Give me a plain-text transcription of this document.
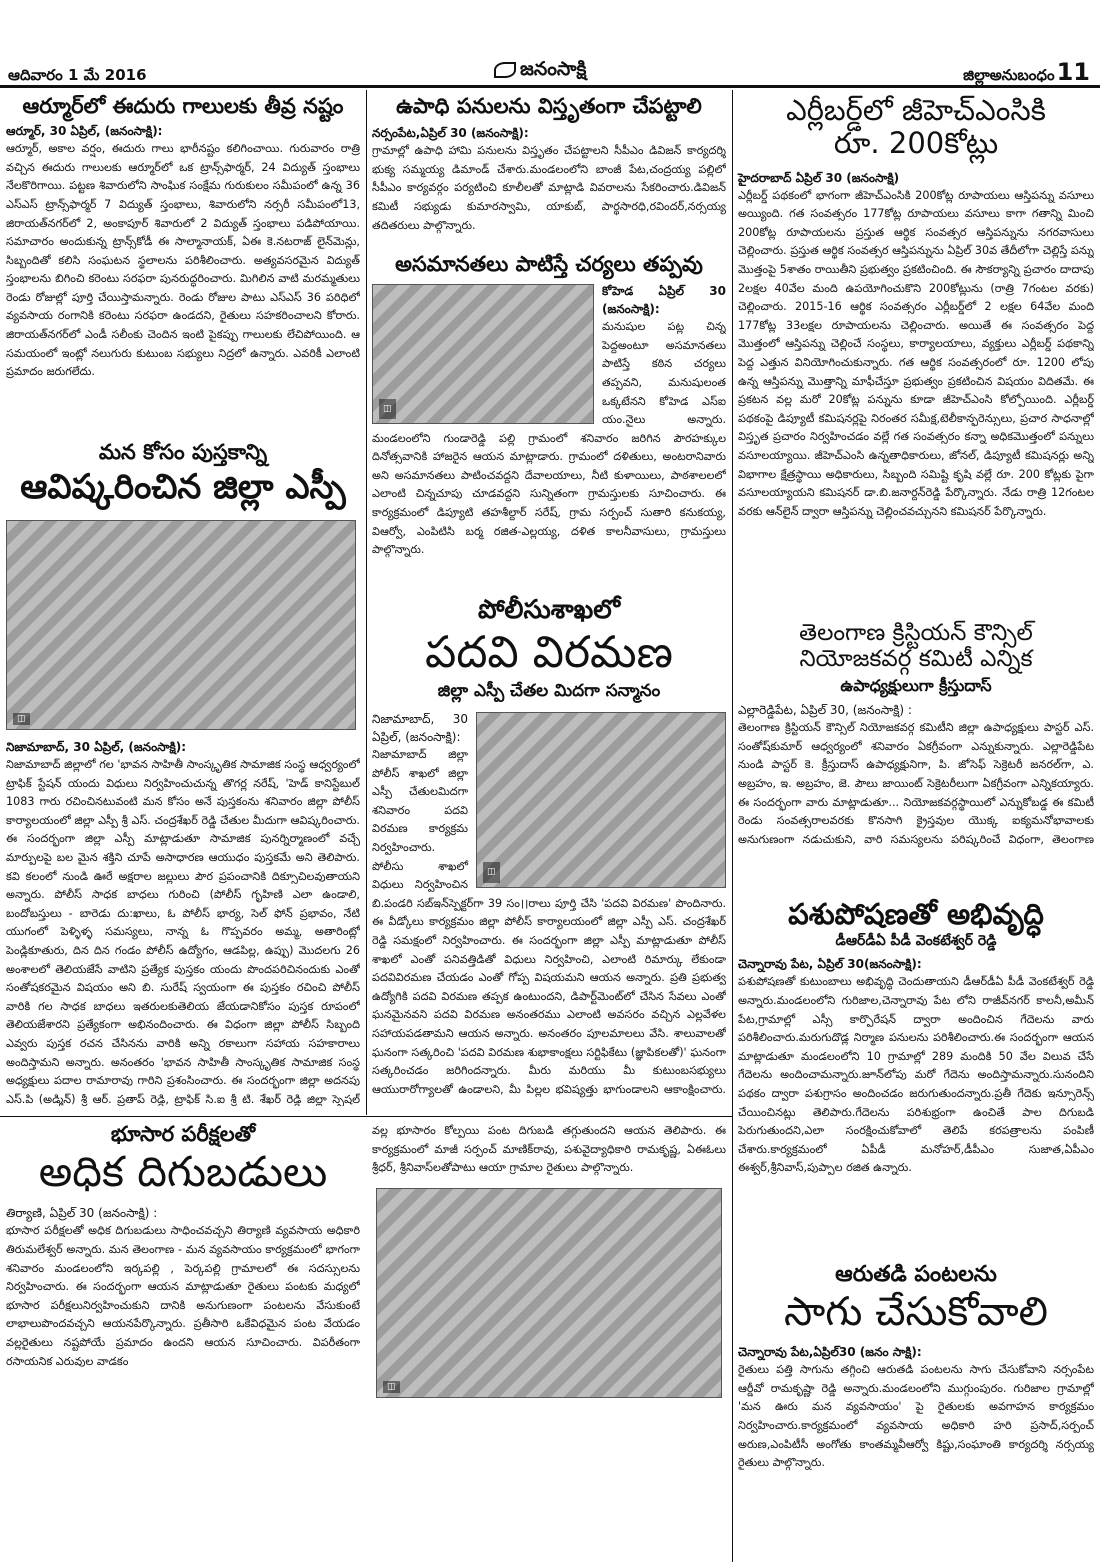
ఆదివారం 1 మే 2016	జనంసాక్షి	జిల్లాఅనుబంధం11
ఆర్మూర్‌లో ఈదురు గాలులకు తీవ్ర నష్టం
ఆర్మూర్, 30 ఏప్రిల్, (జనంసాక్షి):
ఆర్మూర్, అకాల వర్షం, ఈదురు గాలు భారీనష్టం కలిగించాయి. గురువారం రాత్రి వచ్చిన ఈదురు గాలులకు ఆర్మూర్‌లో ఒక ట్రాన్స్‌ఫార్మర్, 24 విద్యుత్ స్తంభాలు నేలకొరిగాయి. పట్టణ శివారులోని సాంఘిక సంక్షేమ గురుకులం సమీపంలో ఉన్న 36 ఎస్ఎస్ ట్రాన్స్‌ఫార్మర్ 7 విద్యుత్ స్తంభాలు, శివారులోని నర్సరీ సమీపంలో13, జిరాయత్‌నగర్‌లో 2, అంకాపూర్ శివారులో 2 విద్యుత్ స్తంభాలు పడిపోయాయి. సమాచారం అందుకున్న ట్రాన్స్‌కోడీ ఈ సాల్మానాయక్, ఏఈ కె.నటరాజ్ లైన్‌మెన్లు, సిబ్బందితో కలిసి సంఘటన స్థలాలను పరిశీలించారు. అత్యవసరమైన విద్యుత్ స్తంభాలను బిగించి కరెంటు సరఫరా పునరుద్ధరించారు. మిగిలిన వాటి మరమ్మతులు రెండు రోజుల్లో పూర్తి చేయిస్తామన్నారు. రెండు రోజుల పాటు ఎస్ఎస్ 36 పరిధిలో వ్యవసాయ రంగానికి కరెంటు సరఫరా ఉండదని, రైతులు సహకరించాలని కోరారు. జిరాయత్‌నగర్‌లో ఎండీ సలీంకు చెందిన ఇంటి పైకప్పు గాలులకు లేచిపోయింది. ఆ సమయంలో ఇంట్లో నలుగురు కుటుంబ సభ్యులు నిద్రలో ఉన్నారు. ఎవరికీ ఎలాంటి ప్రమాదం జరుగలేదు.
మన కోసం పుస్తకాన్ని
ఆవిష్కరించిన జిల్లా ఎస్పీ
◫
నిజామాబాద్, 30 ఏప్రిల్, (జనంసాక్షి):
నిజామాబాద్ జిల్లాలో గల 'భావన సాహితీ సాంస్కృతిక సామాజిక సంస్థ ఆధ్వర్యంలో ట్రాఫిక్ స్టేషన్ యందు విధులు నిర్వహించుచున్న తొగర్ల నరేష్, 'హెడ్ కానిస్టేబుల్ 1083 గారు రచించినటువంటి మన కోసం అనే పుస్తకంను శనివారం జిల్లా పోలీస్ కార్యాలయంలో జిల్లా ఎస్పీ శ్రీ ఎస్. చంద్రశేఖర్ రెడ్డి చేతుల మీదుగా ఆవిష్కరించారు. ఈ సందర్భంగా జిల్లా ఎస్పీ మాట్లాడుతూ సామాజిక పునర్నిర్మాణంలో వచ్చే మార్పులపై బల మైన శక్తిని చూపే అసాధారణ ఆయుధం పుస్తకమే అని తెలిపారు. కవి కలంలో నుండి ఊరే అక్షరాల జల్లులు పౌర ప్రపంచానికి దిక్సూచిలవుతాయని అన్నారు. పోలీస్ సాధక బాధలు గురించి (పోలీస్ గృహిణి ఎలా ఉండాలి, బందోబస్తులు - బారెడు దు:ఖాలు, ఓ పోలీస్ భార్య, సెల్ ఫోన్ ప్రభావం, నేటి యుగంలో పెళ్ళిళ్ళ సమస్యలు, నాన్న ఓ గొప్పవరం అమ్మ, అతారింట్లో పెండ్లికూతురు, దిన దిన గండం పోలీస్ ఉద్యోగం, ఆడపిల్ల, ఉప్పు) మొదలగు 26 అంశాలలో తెలియజేసే వాటిని ప్రత్యేక పుస్తకం యందు పొందపరిచినందుకు ఎంతో సంతోషకరమైన విషయం అని బి. సురేష్ స్వయంగా ఈ పుస్తకం రచించి పోలీస్ వారికి గల సాధక బాధలు ఇతరులకుతెలియ జేయడానికోసం పుస్తక రూపంలో తెలియజేశారని ప్రత్యేకంగా అభినందించారు. ఈ విధంగా జిల్లా పోలీస్ సిబ్బంది ఎవ్వరు పుస్తక రచన చేసినను వారికి అన్ని రకాలుగా సహాయ సహకారాలు అందిస్తామని అన్నారు. అనంతరం 'భావన సాహితీ సాంస్కృతిక సామాజిక సంస్థ అధ్యక్షులు పదాల రామారావు గారిని ప్రశంసించారు. ఈ సందర్భంగా జిల్లా అదనపు ఎస్.పి (అడ్మిన్) శ్రీ ఆర్. ప్రతాప్ రెడ్డి, ట్రాఫిక్ సి.ఐ శ్రీ టి. శేఖర్ రెడ్డి జిల్లా స్పెషల్
ఉపాధి పనులను విస్తృతంగా చేపట్టాలి
నర్సంపేట,ఏప్రిల్ 30 (జనంసాక్షి):
గ్రామాల్లో ఉపాధి హామి పనులను విస్తృతం చేపట్టాలని సీపీఎం డివిజన్ కార్యదర్శి భుక్య సమ్మయ్య డిమాండ్ చేశారు.మండలంలోని బాంజీ పేట,చంద్రయ్య పల్లిలో సీపీఎం కార్యవర్గం పర్యటించి కూలీలతో మాట్లాడి వివరాలను సేకరించారు.డివిజన్ కమిటీ సభ్యుడు కుమారస్వామి, యాకుబ్, పార్థసారధి,రవిందర్,నర్సయ్య తదితరులు పాల్గొన్నారు.
అసమానతలు పాటిస్తే చర్యలు తప్పవు
◫
కోహెడ ఏప్రిల్ 30 (జనంసాక్షి):
మనుషుల పట్ల చిన్న పెద్దఅంటూ అసమానతలు పాటిస్తే కఠిన చర్యలు తప్పవని, మనుషులంత ఒక్కటేనని కోహెడ ఎస్ఐ యం.నైలు అన్నారు. మండలంలోని గుండారెడ్డి పల్లి గ్రామంలో శనివారం జరిగిన పౌరహక్కుల దినోత్సవానికి హాజరైన ఆయన మాట్లాడారు. గ్రామంలో దళితులు, అంటరానివారు అని అసమానతలు పాటించవద్దని దేవాలయాలు, నీటి కుళాయిలు, పాఠశాలలలో ఎలాంటి చిన్నచూపు చూడవద్దని సున్నితంగా గ్రామస్తులకు సూచించారు. ఈ కార్యక్రమంలో డిప్యూటి తహశీల్దార్ సరేష్, గ్రామ సర్పంచ్ సుతారి కనుకయ్య, విఆర్వో, ఎంపిటిసి బర్మ రజిత-ఎల్లయ్య, దళిత కాలనీవాసులు, గ్రామస్తులు పాల్గొన్నారు.
పోలీసుశాఖలో
పదవి విరమణ
జిల్లా ఎస్పీ చేతల మిదగా సన్మానం
◫
నిజామాబాద్, 30 ఏప్రిల్, (జనంసాక్షి):
నిజామాబాద్ జిల్లా పోలీస్ శాఖలో జిల్లా ఎస్పీ చేతులమిదగా శనివారం పదవి విరమణ కార్యక్రమ నిర్వహించారు. పోలీసు శాఖలో విధులు నిర్వహించిన బి.పండరి సబ్‌ఇన్‌స్పెక్టర్‌గా 39 సం।।రాలు పూర్తి చేసి 'పదవి విరమణ' పొందినారు. ఈ వీడ్కోలు కార్యక్రమం జిల్లా పోలీస్ కార్యాలయంలో జిల్లా ఎస్పీ ఎస్. చంద్రశేఖర్ రెడ్డి సమక్షంలో నిర్వహించారు. ఈ సందర్భంగా జిల్లా ఎస్పీ మాట్లాడుతూ పోలీస్ శాఖలో ఎంతో పనివత్తిడితో విధులు నిర్వహించి, ఎలాంటి రిమార్కు లేకుండా పదవివిరమణ చేయడం ఎంతో గోప్ప విషయమని ఆయన అన్నారు. ప్రతి ప్రభుత్వ ఉద్యోగికి పదవి విరమణ తప్పక ఉంటుందని, డిపార్ట్‌మెంట్‌లో చేసిన సేవలు ఎంతో ఘనమైనవని పదవి విరమణ అనంతరము ఎలాంటి అవసరం వచ్చిన ఎల్లవేళల సహాయపడతామని ఆయన అన్నారు. అనంతరం పూలమాలలు వేసి. శాలువాలతో ఘనంగా సత్కరించి 'పదవి విరమణ శుభాకాంక్షలు సర్టిఫికేటు (జ్ఞాపికలతో)' ఘనంగా సత్కరించడం జరిగిందన్నారు. మీరు మరియు మీ కుటుంబసభ్యులు ఆయురారోగ్యాలతో ఉండాలని, మీ పిల్లల భవిష్యత్తు భాగుండాలని ఆకాంక్షించారు.
భూసార పరీక్షలతో
అధిక దిగుబడులు
తిర్యాణి, ఏప్రిల్ 30 (జనంసాక్షి) :
భూసార పరీక్షలతో అధిక దిగుబడులు సాధించవచ్చని తిర్యాణి వ్యవసాయ అధికారి తిరుమలేశ్వర్ అన్నారు. మన తెలంగాణ - మన వ్యవసాయం కార్యక్రమంలో భాగంగా శనివారం మండలంలోని ఇర్కపల్లి , పెర్కపల్లి గ్రామాలలో ఈ సదస్సులను నిర్వహించారు. ఈ సందర్భంగా ఆయన మాట్లాడుతూ రైతులు పంటకు మధ్యలో భూసార పరీక్షలునిర్వహించుకుని దానికి అనుగుణంగా పంటలను వేసుకుంటే లాభాలుపొందవచ్చని ఆయనపేర్కొన్నారు. ప్రతీసారి ఒకేవిధమైన పంట వేయడం వల్లరైతులు నష్టపోయే ప్రమాదం ఉందని ఆయన సూచించారు. విపరీతంగా రసాయనిక ఎరువుల వాడకం
వల్ల భూసారం కోల్పయి పంట దిగుబడి తగ్గుతుందని ఆయన తెలిపారు. ఈ కార్యక్రమంలో మాజీ సర్పంచ్ మాణిక్‌రావు, పశువైద్యాధికారి రామకృష్ణ, ఏఈఓలు శ్రీధర్, శ్రీనివాస్‌లతోపాటు ఆయా గ్రామాల రైతులు పాల్గొన్నారు.
◫
ఎర్లీబర్డ్‌లో జీహెచ్‌ఎంసికి
రూ. 200కోట్లు
హైదరాబాద్ ఏప్రిల్ 30 (జనంసాక్షి)
ఎర్లీబర్డ్ పథకంలో భాగంగా జీహెచ్‌ఎంసికి 200కోట్ల రూపాయలు ఆస్తిపన్ను వసూలు అయ్యింది. గత సంవత్సరం 177కోట్ల రూపాయలు వసూలు కాగా గతాన్ని మించి 200కోట్ల రూపాయలను ప్రస్తుత ఆర్థిక సంవత్సర ఆస్తిపన్నును నగరవాసులు చెల్లించారు. ప్రస్తుత ఆర్థిక సంవత్సర ఆస్తిపన్నును ఏప్రిల్ 30వ తేదీలోగా చెల్లిస్తే పన్ను మొత్తంపై 5శాతం రాయితీని ప్రభుత్వం ప్రకటించింది. ఈ సౌకర్యాన్ని ప్రచారం దాదాపు 2లక్షల 40వేల మంది ఉపయోగించుకొని 200కోట్లును (రాత్రి 7గంటల వరకు) చెల్లించారు. 2015-16 ఆర్థిక సంవత్సరం ఎర్లీబర్డ్‌లో 2 లక్షల 64వేల మంది 177కోట్ల 33లక్షల రూపాయలను చెల్లించారు. అయితే ఈ సంవత్సరం పెద్ద మొత్తంలో ఆస్తిపన్ను చెల్లించే సంస్థలు, కార్యాలయాలు, వ్యక్తులు ఎర్లీబర్డ్ పథకాన్ని పెద్ద ఎత్తున వినియోగించుకున్నారు. గత ఆర్థిక సంవత్సరంలో రూ. 1200 లోపు ఉన్న ఆస్తిపన్ను మొత్తాన్ని మాఫీచేస్తూ ప్రభుత్వం ప్రకటించిన విషయం విదితమే. ఈ ప్రకటన వల్ల మరో 20కోట్ల పన్నును కూడా జీహెచ్‌ఎంసి కోల్పోయింది. ఎర్లీబర్డ్ పథకంపై డిప్యూటీ కమిషనర్లపై నిరంతర సమీక్ష,టెలీకాన్ఫరెన్సులు, ప్రచార సాధనాల్లో విస్తృత ప్రచారం నిర్వహించడం వల్లే గత సంవత్సరం కన్నా అధికమొత్తంలో పన్నులు వసూలయ్యాయి. జీహెచ్‌ఎంసి ఉన్నతాధికారులు, జోనల్, డిప్యూటీ కమిషనర్లు అన్ని విభాగాల క్షేత్రస్థాయి అధికారులు, సిబ్బంది సమిష్టి కృషి వల్లే రూ. 200 కోట్లకు పైగా వసూలయ్యాయని కమిషనర్ డా.బి.జనార్దన్‌రెడ్డి పేర్కొన్నారు. నేడు రాత్రి 12గంటల వరకు ఆన్‌లైన్ ద్వారా ఆస్తిపన్ను చెల్లించవచ్చునని కమిషనర్ పేర్కొన్నారు.
తెలంగాణ క్రిస్టియన్ కౌన్సిల్
నియోజకవర్గ కమిటీ ఎన్నిక
ఉపాధ్యక్షులుగా క్రీస్తుదాస్
ఎల్లారెడ్డిపేట, ఏప్రిల్ 30, (జనంసాక్షి) :
తెలంగాణ క్రిస్టియన్ కౌన్సిల్ నియోజకవర్గ కమిటీని జిల్లా ఉపాధ్యక్షులు పాస్టర్ ఎస్. సంతోష్‌కుమార్ ఆధ్వర్యంలో శనివారం ఏకగ్రీవంగా ఎన్నుకున్నారు. ఎల్లారెడ్డిపేట నుండి పాస్టర్ కె. క్రీస్తుదాస్ ఉపాధ్యక్షునిగా, పి. జోసెఫ్ సెక్రెటరీ జనరల్‌గా, ఎ. అబ్రహం, ఇ. అబ్రహం, జె. పౌలు జాయింట్ సెక్రెటరీలుగా ఏకగ్రీవంగా ఎన్నికయ్యారు. ఈ సందర్భంగా వారు మాట్లాడుతూ... నియోజకవర్గస్థాయిలో ఎన్నుకోబడ్డ ఈ కమిటీ రెండు సంవత్సరాలవరకు కొనసాగి క్రైస్తవుల యొక్క ఐక్యమనోభావాలకు అనుగుణంగా నడుచుకుని, వారి సమస్యలను పరిష్కరించే విధంగా, తెలంగాణ
పశుపోషణతో అభివృద్ధి
డీఆర్‌డీఏ పీడీ వెంకటేశ్వర్ రెడ్డి
చెన్నారావు పేట, ఏప్రిల్ 30(జనంసాక్షి):
పశుపోషణతో కుటుంబాలు అభివృద్ధి చెందుతాయని డీఆర్‌డీఏ పీడీ వెంకటేశ్వర్ రెడ్డి అన్నారు.మండలంలోని గురిజాల,చెన్నారావు పేట లోని రాజీవ్‌నగర్ కాలనీ,అమీన్ పేట,గ్రామాల్లో ఎస్సీ కార్పొరేషన్ ద్వారా అందించిన గేదెలను వారు పరిశీలించారు.మరుగుదొడ్ల నిర్మాణ పనులను పరిశీలించారు.ఈ సందర్భంగా ఆయన మాట్లాడుతూ మండలంలోని 10 గ్రామాల్లో 289 మందికి 50 వేల విలువ చేసే గేదెలను అందించామన్నారు.జూన్‌లోపు మరో గేదెను అందిస్తామన్నారు.సునందిని పథకం ద్వారా పశుగ్రాసం అందించడం జరుగుతుందన్నారు.ప్రతీ గేదెకు ఇన్సూరెన్స్ చేయించినట్లు తెలిపారు.గేదెలను పరిశుభ్రంగా ఉంచితే పాల దిగుబడి పెరుగుతుందని,ఎలా సంరక్షించుకోవాలో తెలిపే కరపత్రాలను పంపిణీ చేశారు.కార్యక్రమంలో ఏపీడీ మనోహర్,డీపీఎం సుజాత,ఏపీఎం ఈశ్వర్,శ్రీనివాస్,పుప్పాల రజిత ఉన్నారు.
ఆరుతడి పంటలను
సాగు చేసుకోవాలి
చెన్నారావు పేట,ఏప్రిల్30 (జనం సాక్షి):
రైతులు పత్తి సాగును తగ్గించి ఆరుతడి పంటలను సాగు చేసుకోవాని నర్సంపేట ఆర్డీవో రామకృష్ణా రెడ్డి అన్నారు.మండలంలోని ముగ్గుంపురం. గురిజాల గ్రామాల్లో 'మన ఊరు మన వ్యవసాయం' పై రైతులకు అవగాహన కార్యక్రమం నిర్వహించారు.కార్యక్రమంలో వ్యవసాయ అధికారి హరి ప్రసాద్,సర్పంచ్ అరుణ,ఎంపిటీసీ అంగోతు కాంతమ్మవీఆర్వో కిష్టు,సంఘాంతి కార్యదర్శి నర్సయ్య రైతులు పాల్గొన్నారు.
